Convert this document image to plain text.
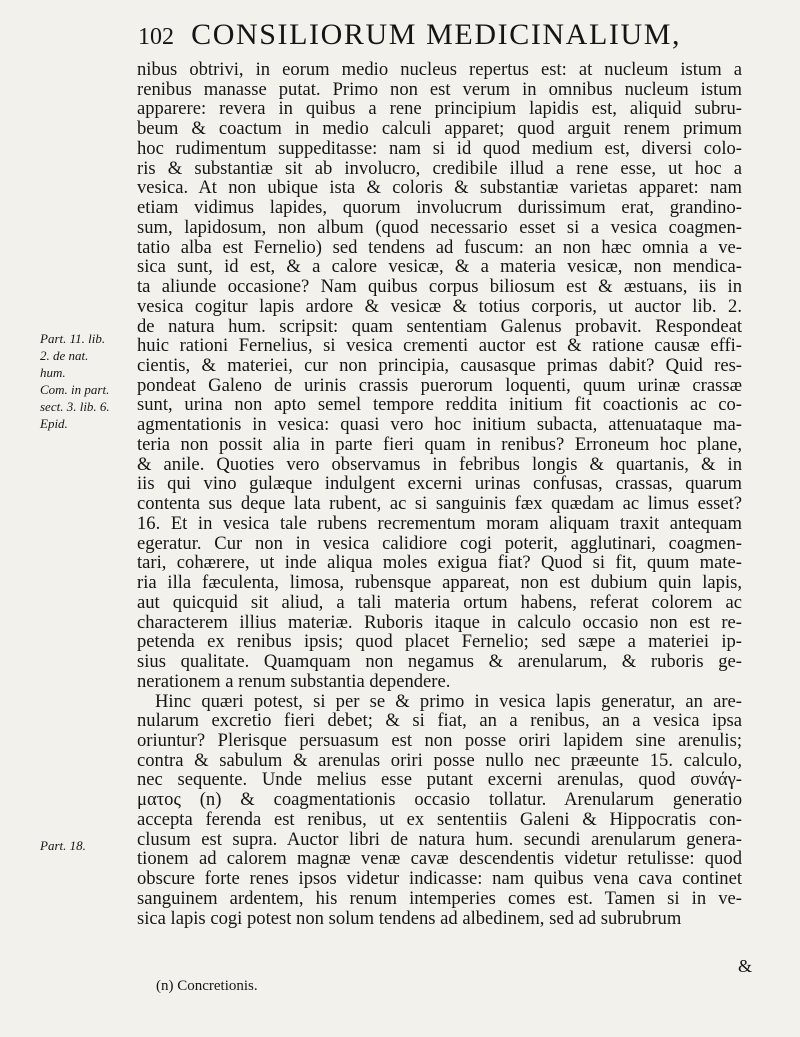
102 CONSILIORUM MEDICINALIUM,
nibus obtrivi, in eorum medio nucleus repertus est: at nucleum istum a
renibus manasse putat. Primo non est verum in omnibus nucleum istum
apparere: revera in quibus a rene principium lapidis est, aliquid subru-
beum & coactum in medio calculi apparet; quod arguit renem primum
hoc rudimentum suppeditasse: nam si id quod medium est, diversi colo-
ris & substantiæ sit ab involucro, credibile illud a rene esse, ut hoc a
vesica. At non ubique ista & coloris & substantiæ varietas apparet: nam
etiam vidimus lapides, quorum involucrum durissimum erat, grandino-
sum, lapidosum, non album (quod necessario esset si a vesica coagmen-
tatio alba est Fernelio) sed tendens ad fuscum: an non hæc omnia a ve-
sica sunt, id est, & a calore vesicæ, & a materia vesicæ, non mendica-
ta aliunde occasione? Nam quibus corpus biliosum est & æstuans, iis in
vesica cogitur lapis ardore & vesicæ & totius corporis, ut auctor lib. 2.
de natura hum. scripsit: quam sententiam Galenus probavit. Respondeat
huic rationi Fernelius, si vesica crementi auctor est & ratione causæ effi-
cientis, & materiei, cur non principia, causasque primas dabit? Quid res-
pondeat Galeno de urinis crassis puerorum loquenti, quum urinæ crassæ
sunt, urina non apto semel tempore reddita initium fit coactionis ac co-
agmentationis in vesica: quasi vero hoc initium subacta, attenuataque ma-
teria non possit alia in parte fieri quam in renibus? Erroneum hoc plane,
& anile. Quoties vero observamus in febribus longis & quartanis, & in
iis qui vino gulæque indulgent excerni urinas confusas, crassas, quarum
contenta sus deque lata rubent, ac si sanguinis fæx quædam ac limus esset?
16. Et in vesica tale rubens recrementum moram aliquam traxit antequam
egeratur. Cur non in vesica calidiore cogi poterit, agglutinari, coagmen-
tari, cohærere, ut inde aliqua moles exigua fiat? Quod si fit, quum mate-
ria illa fæculenta, limosa, rubensque appareat, non est dubium quin lapis,
aut quicquid sit aliud, a tali materia ortum habens, referat colorem ac
characterem illius materiæ. Ruboris itaque in calculo occasio non est re-
petenda ex renibus ipsis; quod placet Fernelio; sed sæpe a materiei ip-
sius qualitate. Quamquam non negamus & arenularum, & ruboris ge-
nerationem a renum substantia dependere.
Hinc quæri potest, si per se & primo in vesica lapis generatur, an are-
nularum excretio fieri debet; & si fiat, an a renibus, an a vesica ipsa
oriuntur? Plerisque persuasum est non posse oriri lapidem sine arenulis;
contra & sabulum & arenulas oriri posse nullo nec præeunte 15. calculo,
nec sequente. Unde melius esse putant excerni arenulas, quod συνάγ-
ματος (n) & coagmentationis occasio tollatur. Arenularum generatio
accepta ferenda est renibus, ut ex sententiis Galeni & Hippocratis con-
clusum est supra. Auctor libri de natura hum. secundi arenularum genera-
tionem ad calorem magnæ venæ cavæ descendentis videtur retulisse: quod
obscure forte renes ipsos videtur indicasse: nam quibus vena cava continet
sanguinem ardentem, his renum intemperies comes est. Tamen si in ve-
sica lapis cogi potest non solum tendens ad albedinem, sed ad subrubrum
Part. 11. lib.
2. de nat.
hum.
Com. in part.
sect. 3. lib. 6.
Epid.
Part. 18.
&
(n) Concretionis.
